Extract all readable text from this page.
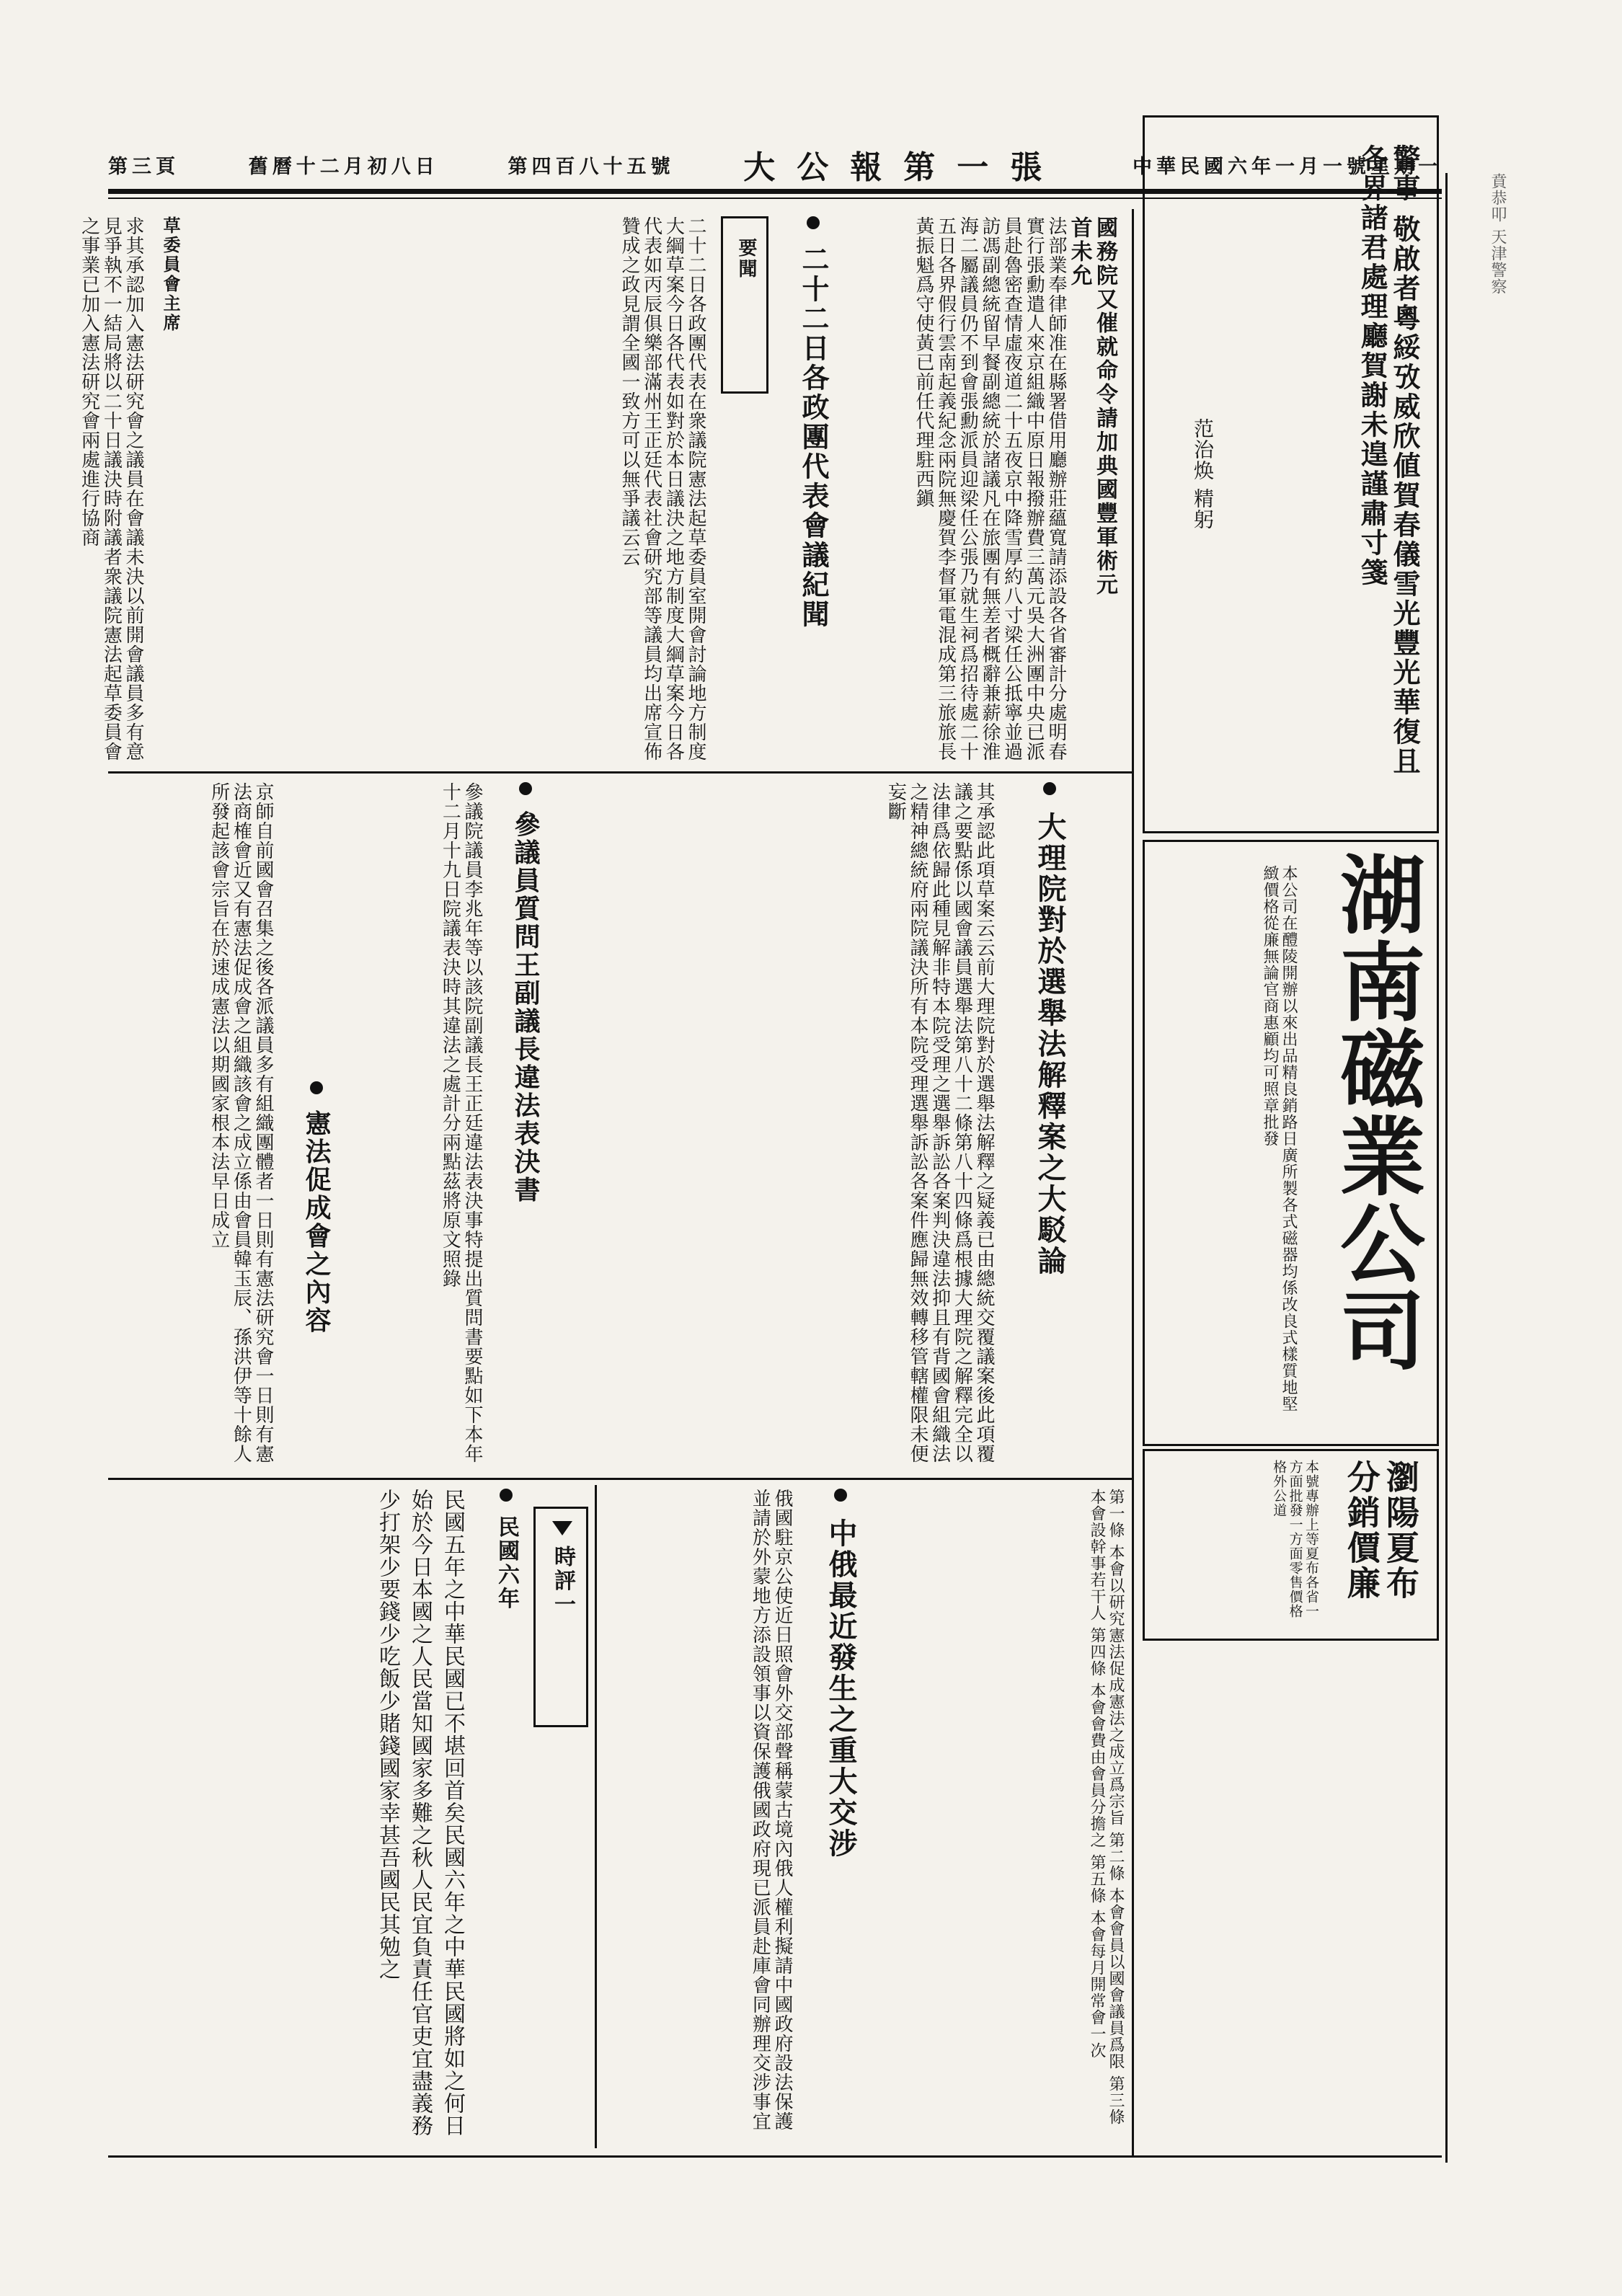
第三頁	舊曆十二月初八日	第四百八十五號 大公報第一張	中華民國六年一月一號星期一
賁恭叩 天津警察
警事 敬啟者粵綏攷威欣値賀春儀雪光豐光華復且各界諸君處理廳賀謝未遑謹肅寸箋
范治焕 精躬
湖南磁業公司
本公司在醴陵開辦以來出品精良銷路日廣所製各式磁器均係改良式樣質地堅緻價格從廉無論官商惠顧均可照章批發
瀏陽夏布 分銷價廉
本號專辦上等夏布各省一方面批發一方面零售價格格外公道
國務院又催就命令請加典國豐軍術元首未允
法部業奉律師准在縣署借用廳辦莊蘊寬請添設各省審計分處明春實行張勳遣人來京組織中原日報撥辦費三萬元吳大洲團中央已派員赴魯密查情虛夜道二十五夜京中降雪厚約八寸梁任公抵寧並過訪馮副總統留早餐副總統於諸議凡在旅團有無差者概辭兼薪徐淮海二屬議員仍不到會張勳派員迎梁任公張乃就生祠爲招待處二十五日各界假行雲南起義紀念兩院無慶賀李督軍電混成第三旅旅長黃振魁爲守使黃已前任代理駐西鎭
二十二日各政團代表會議紀聞
要聞
二十二日各政團代表在衆議院憲法起草委員室開會討論地方制度大綱草案今日各代表如對於本日議決之地方制度大綱草案今日各代表如丙辰俱樂部滿州王正廷代表社會研究部等議員均出席宣佈贊成之政見謂全國一致方可以無爭議云云
草委員會主席
求其承認加入憲法研究會之議員在會議未決以前開會議員多有意見爭執不一結局將以二十日議決時附議者衆議院憲法起草委員會之事業已加入憲法研究會兩處進行協商
大理院對於選舉法解釋案之大駁論
其承認此項草案云云前大理院對於選舉法解釋之疑義已由總統交覆議案後此項覆議之要點係以國會議員選舉法第八十二條第八十四條爲根據大理院之解釋完全以法律爲依歸此種見解非特本院受理之選舉訴訟各案判決違法抑且有背國會組織法之精神總統府兩院議決所有本院受理選舉訴訟各案件應歸無效轉移管轄權限未便妄斷
參議員質問王副議長違法表決書
參議院議員李兆年等以該院副議長王正廷違法表決事特提出質問書要點如下本年十二月十九日院議表決時其違法之處計分兩點茲將原文照錄
憲法促成會之內容
京師自前國會召集之後各派議員多有組織團體者一日則有憲法研究會一日則有憲法商榷會近又有憲法促成會之組織該會之成立係由會員韓玉辰、孫洪伊等十餘人所發起該會宗旨在於速成憲法以期國家根本法早日成立
第一條 本會以研究憲法促成憲法之成立爲宗旨 第二條 本會會員以國會議員爲限 第三條 本會設幹事若干人 第四條 本會會費由會員分擔之 第五條 本會每月開常會一次
中俄最近發生之重大交涉
俄國駐京公使近日照會外交部聲稱蒙古境內俄人權利擬請中國政府設法保護並請於外蒙地方添設領事以資保護俄國政府現已派員赴庫會同辦理交涉事宜
時評一
民國六年
民國五年之中華民國已不堪回首矣民國六年之中華民國將如之何日始於今日本國之人民當知國家多難之秋人民宜負責任官吏宜盡義務少打架少要錢少吃飯少賭錢國家幸甚吾國民其勉之
